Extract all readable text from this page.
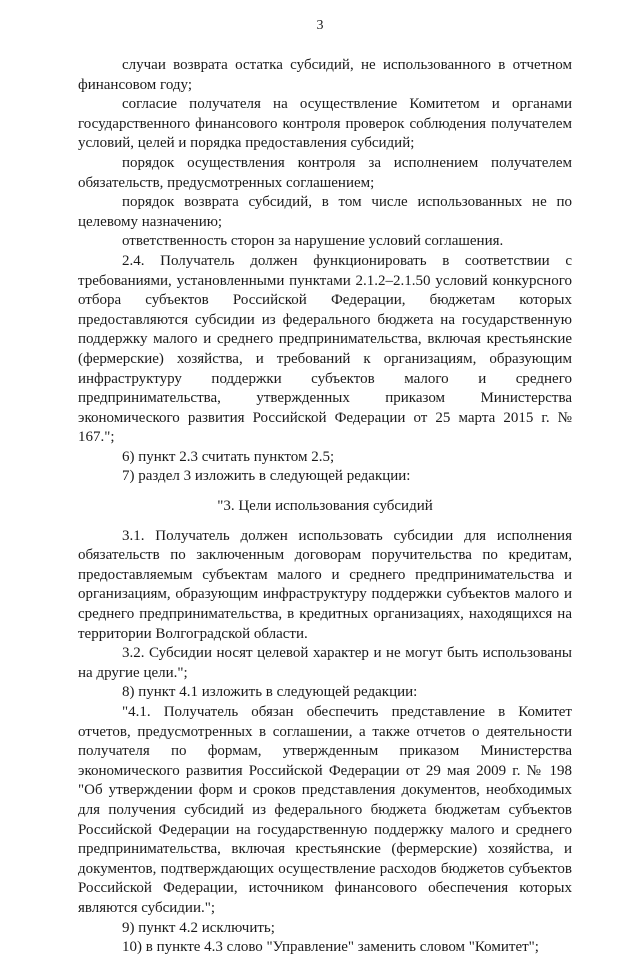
3

случаи возврата остатка субсидий, не использованного в отчетном финансовом году;

согласие получателя на осуществление Комитетом и органами государственного финансового контроля проверок соблюдения получателем условий, целей и порядка предоставления субсидий;

порядок осуществления контроля за исполнением получателем обязательств, предусмотренных соглашением;

порядок возврата субсидий, в том числе использованных не по целевому назначению;

ответственность сторон за нарушение условий соглашения.

2.4. Получатель должен функционировать в соответствии с требованиями, установленными пунктами 2.1.2–2.1.50 условий конкурсного отбора субъектов Российской Федерации, бюджетам которых предоставляются субсидии из федерального бюджета на государственную поддержку малого и среднего предпринимательства, включая крестьянские (фермерские) хозяйства, и требований к организациям, образующим инфраструктуру поддержки субъектов малого и среднего предпринимательства, утвержденных приказом Министерства экономического развития Российской Федерации от 25 марта 2015 г. № 167.";

6) пункт 2.3 считать пунктом 2.5;

7) раздел 3 изложить в следующей редакции:

"3. Цели использования субсидий

3.1. Получатель должен использовать субсидии для исполнения обязательств по заключенным договорам поручительства по кредитам, предоставляемым субъектам малого и среднего предпринимательства и организациям, образующим инфраструктуру поддержки субъектов малого и среднего предпринимательства, в кредитных организациях, находящихся на территории Волгоградской области.

3.2. Субсидии носят целевой характер и не могут быть использованы на другие цели.";

8) пункт 4.1 изложить в следующей редакции:

"4.1. Получатель обязан обеспечить представление в Комитет отчетов, предусмотренных в соглашении, а также отчетов о деятельности получателя по формам, утвержденным приказом Министерства экономического развития Российской Федерации от 29 мая 2009 г. № 198 "Об утверждении форм и сроков представления документов, необходимых для получения субсидий из федерального бюджета бюджетам субъектов Российской Федерации на государственную поддержку малого и среднего предпринимательства, включая крестьянские (фермерские) хозяйства, и документов, подтверждающих осуществление расходов бюджетов субъектов Российской Федерации, источником финансового обеспечения которых являются субсидии.";

9) пункт 4.2 исключить;

10) в пункте 4.3 слово "Управление" заменить словом "Комитет";
